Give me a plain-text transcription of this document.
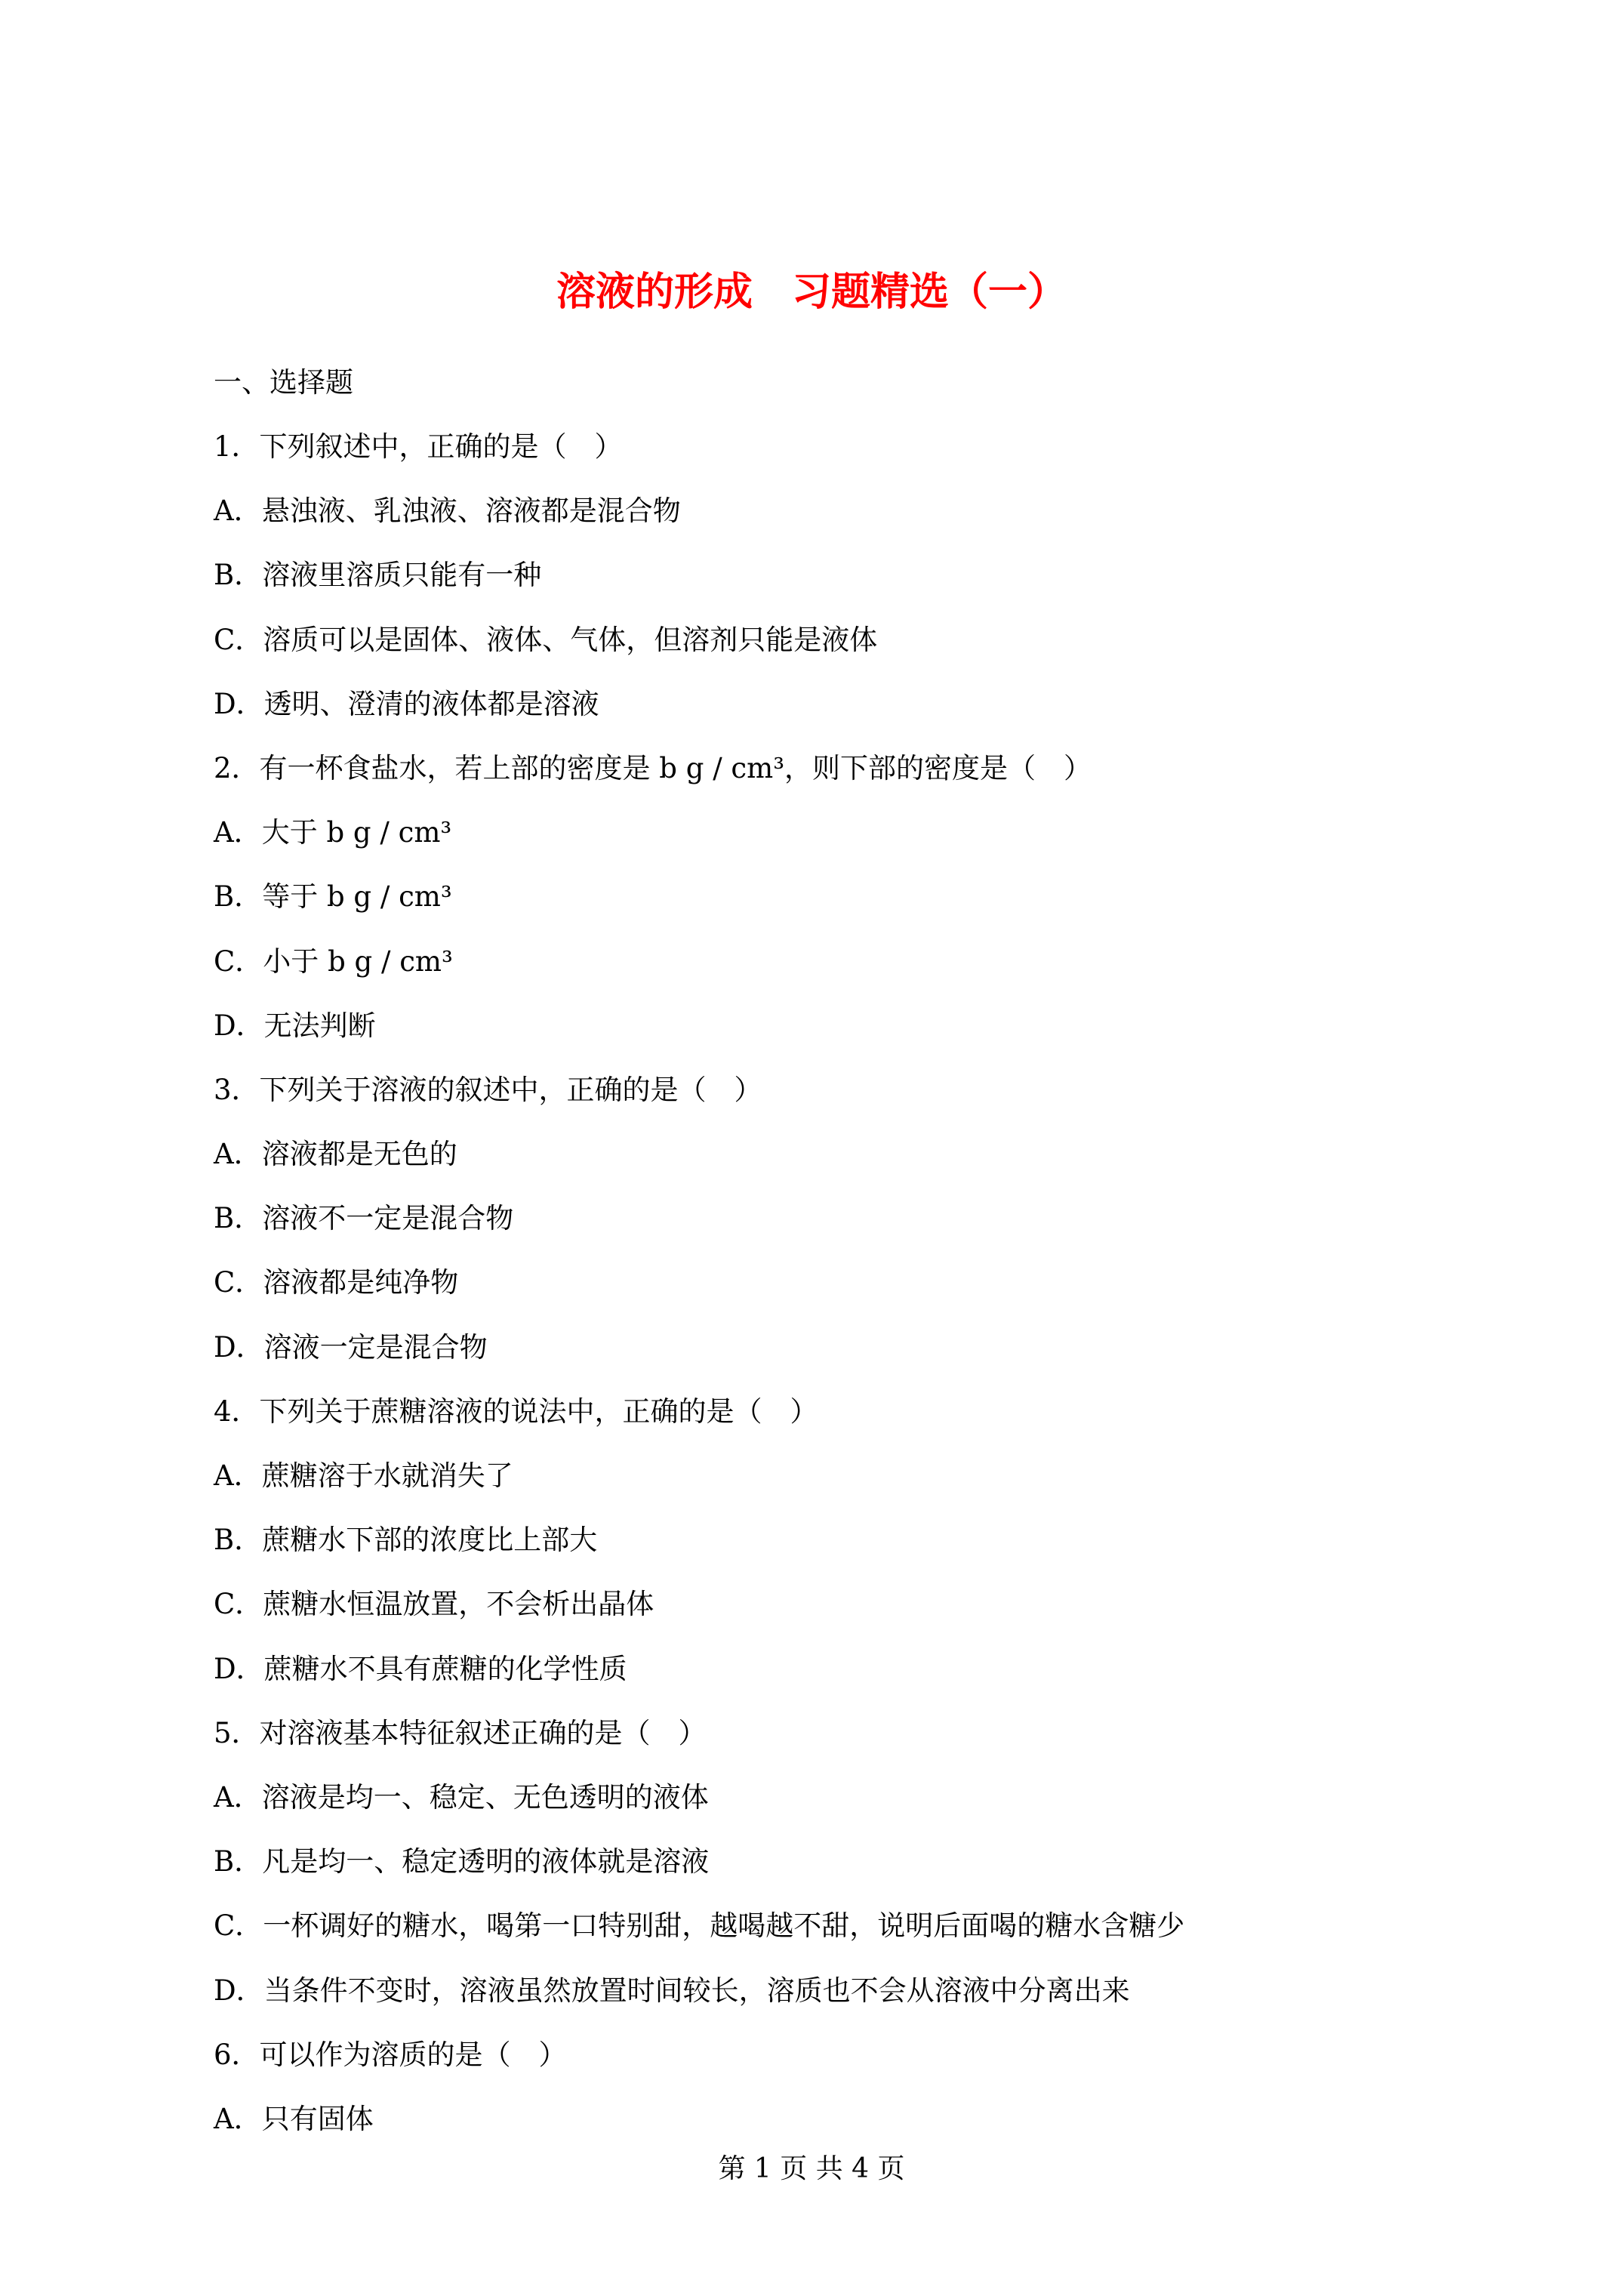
溶液的形成　习题精选（一）
一、选择题
1．下列叙述中，正确的是（　）
A．悬浊液、乳浊液、溶液都是混合物
B．溶液里溶质只能有一种
C．溶质可以是固体、液体、气体，但溶剂只能是液体
D．透明、澄清的液体都是溶液
2．有一杯食盐水，若上部的密度是 b g / cm³，则下部的密度是（　）
A．大于 b g / cm³
B．等于 b g / cm³
C．小于 b g / cm³
D．无法判断
3．下列关于溶液的叙述中，正确的是（　）
A．溶液都是无色的
B．溶液不一定是混合物
C．溶液都是纯净物
D．溶液一定是混合物
4．下列关于蔗糖溶液的说法中，正确的是（　）
A．蔗糖溶于水就消失了
B．蔗糖水下部的浓度比上部大
C．蔗糖水恒温放置，不会析出晶体
D．蔗糖水不具有蔗糖的化学性质
5．对溶液基本特征叙述正确的是（　）
A．溶液是均一、稳定、无色透明的液体
B．凡是均一、稳定透明的液体就是溶液
C．一杯调好的糖水，喝第一口特别甜，越喝越不甜，说明后面喝的糖水含糖少
D．当条件不变时，溶液虽然放置时间较长，溶质也不会从溶液中分离出来
6．可以作为溶质的是（　）
A．只有固体
第 1 页 共 4 页
